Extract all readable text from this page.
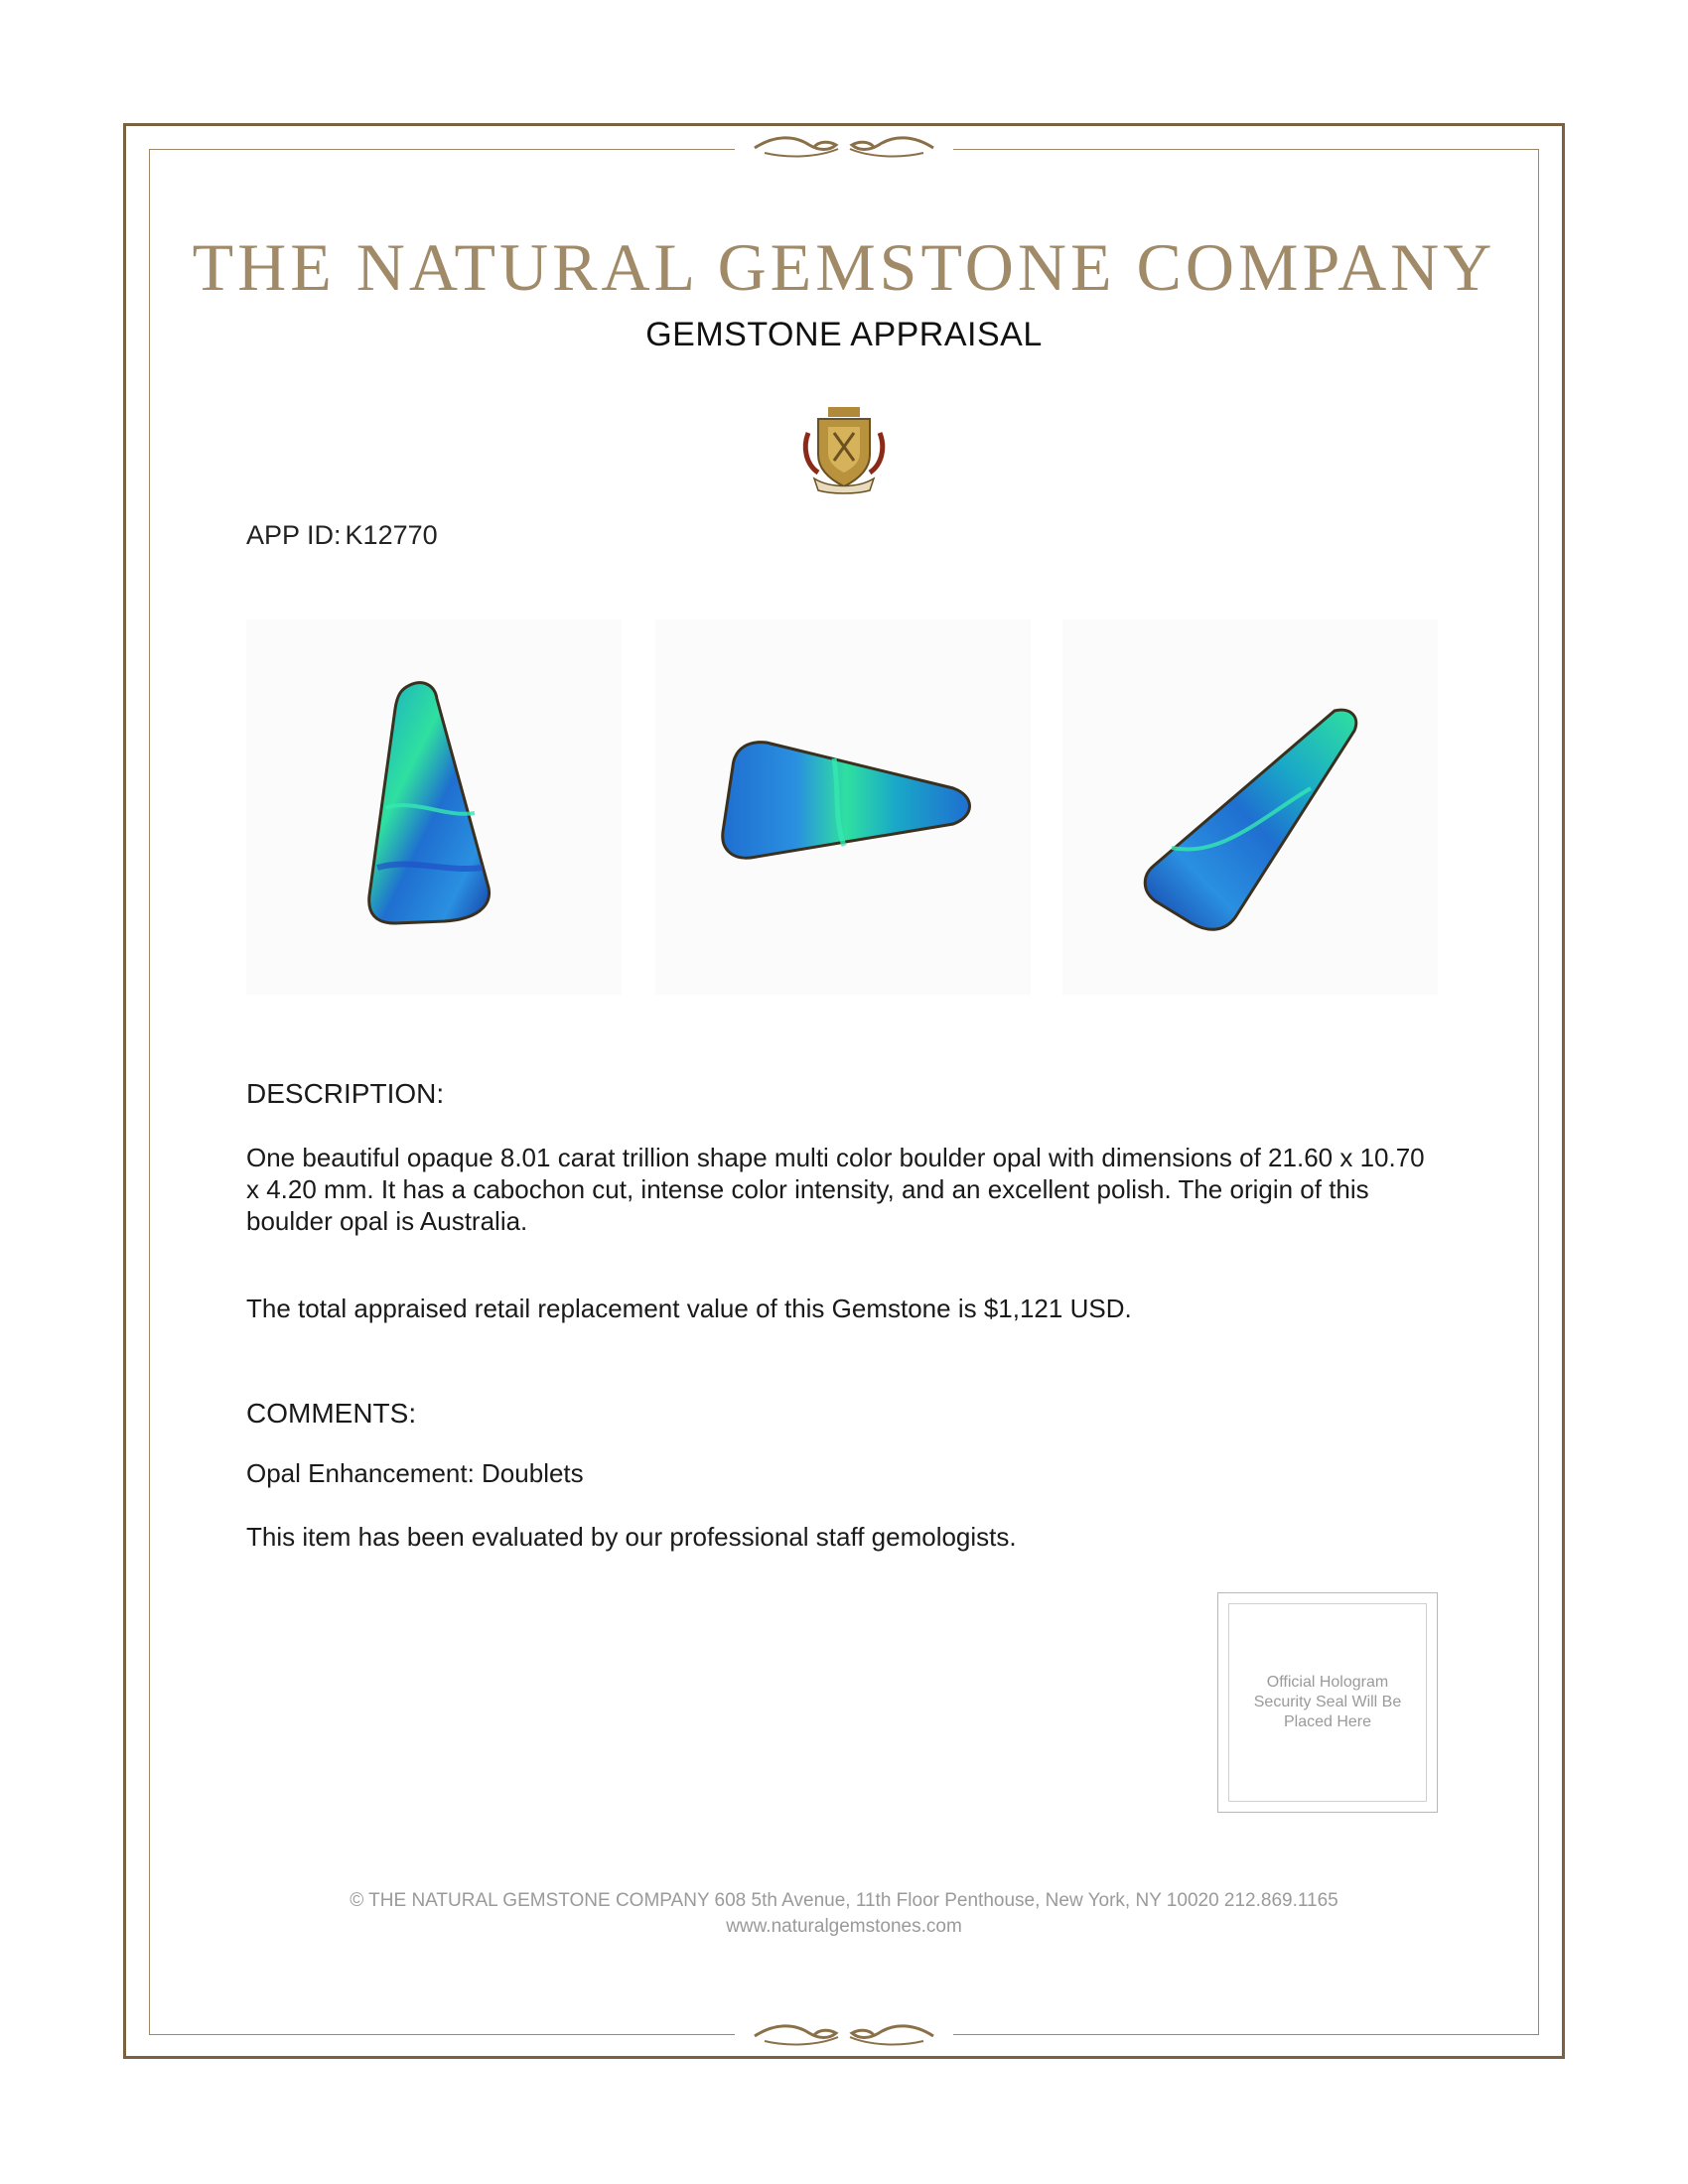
THE NATURAL GEMSTONE COMPANY
GEMSTONE APPRAISAL
APP ID: K12770
DESCRIPTION:
One beautiful opaque 8.01 carat trillion shape multi color boulder opal with dimensions of 21.60 x 10.70 x 4.20 mm. It has a cabochon cut, intense color intensity, and an excellent polish. The origin of this boulder opal is Australia.
The total appraised retail replacement value of this Gemstone is $1,121 USD.
COMMENTS:
Opal Enhancement: Doublets
This item has been evaluated by our professional staff gemologists.
Official Hologram Security Seal Will Be Placed Here
© THE NATURAL GEMSTONE COMPANY 608 5th Avenue, 11th Floor Penthouse, New York, NY 10020 212.869.1165
www.naturalgemstones.com
